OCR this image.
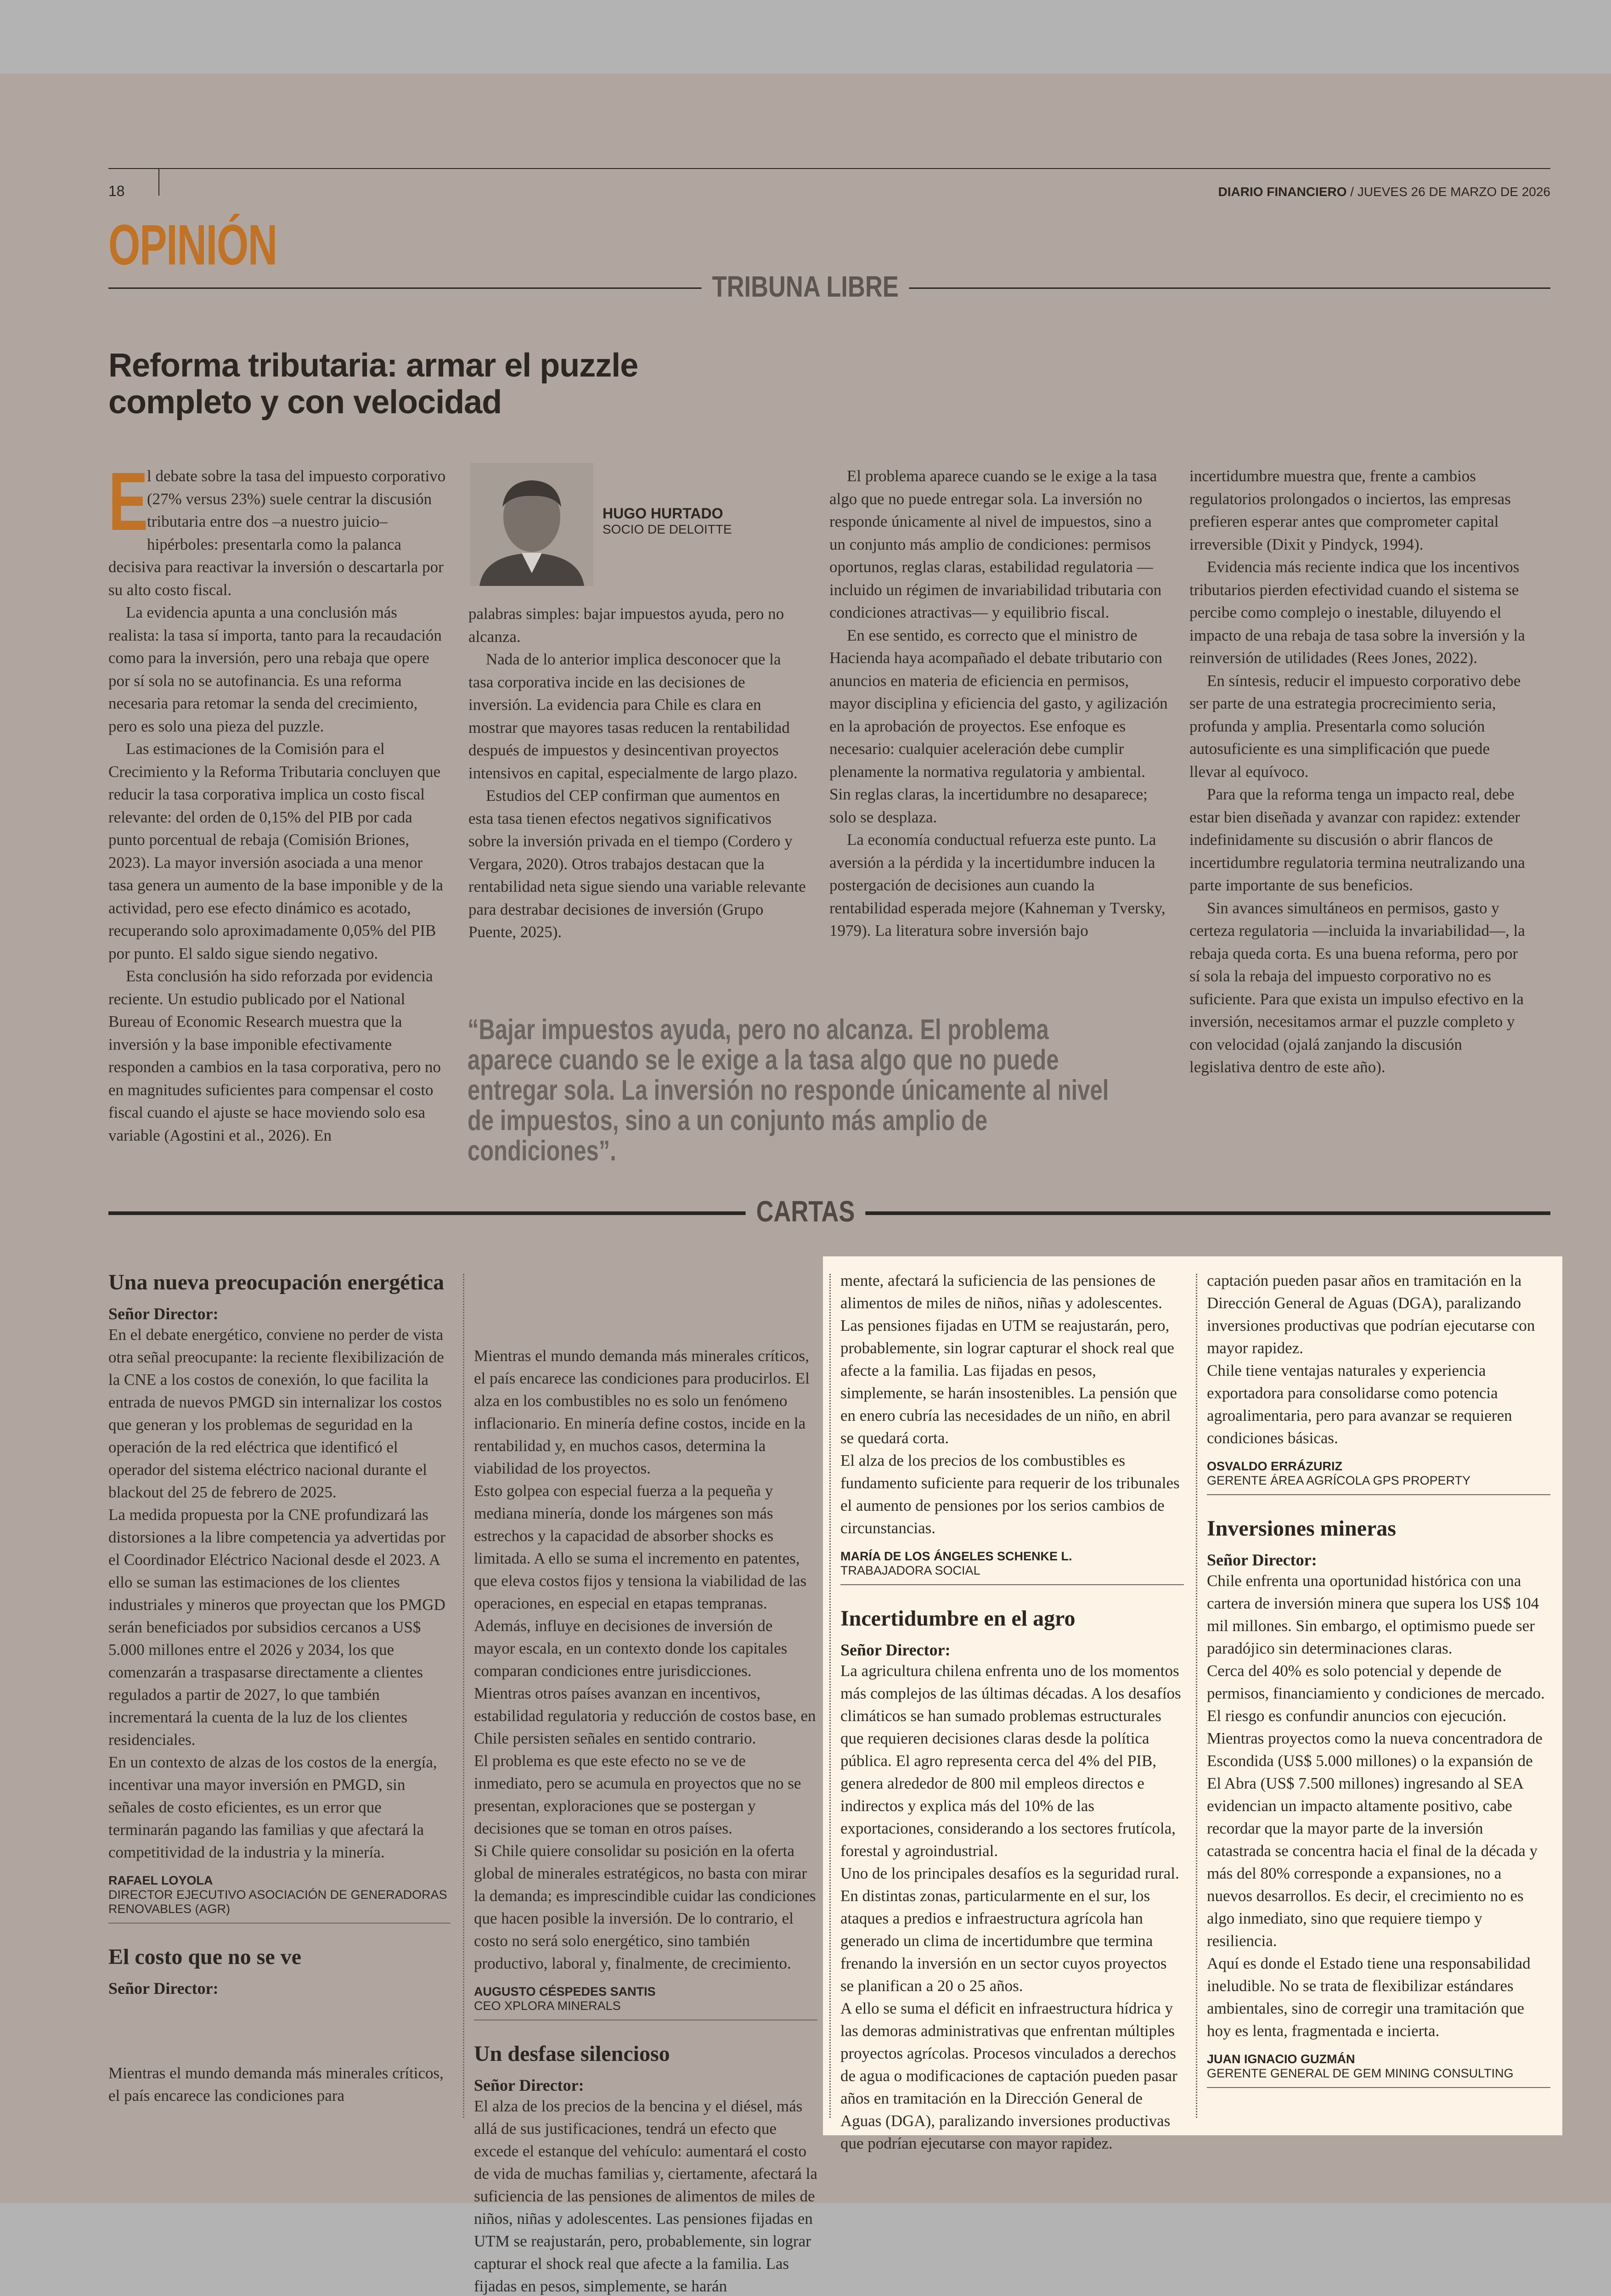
18	DIARIO FINANCIERO / JUEVES 26 DE MARZO DE 2026
OPINIÓN
TRIBUNA LIBRE
Reforma tributaria: armar el puzzle
completo y con velocidad

E
l debate sobre la tasa del impuesto corporativo (27% versus 23%) suele centrar la discusión tributaria entre dos –a nuestro juicio– hipérboles: presentarla como la palanca decisiva para reactivar la inversión o descartarla por su alto costo fiscal.

La evidencia apunta a una conclusión más realista: la tasa sí importa, tanto para la recaudación como para la inversión, pero una rebaja que opere por sí sola no se autofinancia. Es una reforma necesaria para retomar la senda del crecimiento, pero es solo una pieza del puzzle.

Las estimaciones de la Comisión para el Crecimiento y la Reforma Tributaria concluyen que reducir la tasa corporativa implica un costo fiscal relevante: del orden de 0,15% del PIB por cada punto porcentual de rebaja (Comisión Briones, 2023). La mayor inversión asociada a una menor tasa genera un aumento de la base imponible y de la actividad, pero ese efecto dinámico es acotado, recuperando solo aproximadamente 0,05% del PIB por punto. El saldo sigue siendo negativo.

Esta conclusión ha sido reforzada por evidencia reciente. Un estudio publicado por el National Bureau of Economic Research muestra que la inversión y la base imponible efectivamente responden a cambios en la tasa corporativa, pero no en magnitudes suficientes para compensar el costo fiscal cuando el ajuste se hace moviendo solo esa variable (Agostini et al., 2026). En

HUGO HURTADO
SOCIO DE DELOITTE

palabras simples: bajar impuestos ayuda, pero no alcanza.

Nada de lo anterior implica desconocer que la tasa corporativa incide en las decisiones de inversión. La evidencia para Chile es clara en mostrar que mayores tasas reducen la rentabilidad después de impuestos y desincentivan proyectos intensivos en capital, especialmente de largo plazo.

Estudios del CEP confirman que aumentos en esta tasa tienen efectos negativos significativos sobre la inversión privada en el tiempo (Cordero y Vergara, 2020). Otros trabajos destacan que la rentabilidad neta sigue siendo una variable relevante para destrabar decisiones de inversión (Grupo Puente, 2025).

El problema aparece cuando se le exige a la tasa algo que no puede entregar sola. La inversión no responde únicamente al nivel de impuestos, sino a un conjunto más amplio de condiciones: permisos oportunos, reglas claras, estabilidad regulatoria —incluido un régimen de invariabilidad tributaria con condiciones atractivas— y equilibrio fiscal.

En ese sentido, es correcto que el ministro de Hacienda haya acompañado el debate tributario con anuncios en materia de eficiencia en permisos, mayor disciplina y eficiencia del gasto, y agilización en la aprobación de proyectos. Ese enfoque es necesario: cualquier aceleración debe cumplir plenamente la normativa regulatoria y ambiental. Sin reglas claras, la incertidumbre no desaparece; solo se desplaza.

La economía conductual refuerza este punto. La aversión a la pérdida y la incertidumbre inducen la postergación de decisiones aun cuando la rentabilidad esperada mejore (Kahneman y Tversky, 1979). La literatura sobre inversión bajo

incertidumbre muestra que, frente a cambios regulatorios prolongados o inciertos, las empresas prefieren esperar antes que comprometer capital irreversible (Dixit y Pindyck, 1994).

Evidencia más reciente indica que los incentivos tributarios pierden efectividad cuando el sistema se percibe como complejo o inestable, diluyendo el impacto de una rebaja de tasa sobre la inversión y la reinversión de utilidades (Rees Jones, 2022).

En síntesis, reducir el impuesto corporativo debe ser parte de una estrategia procrecimiento seria, profunda y amplia. Presentarla como solución autosuficiente es una simplificación que puede llevar al equívoco.

Para que la reforma tenga un impacto real, debe estar bien diseñada y avanzar con rapidez: extender indefinidamente su discusión o abrir flancos de incertidumbre regulatoria termina neutralizando una parte importante de sus beneficios.

Sin avances simultáneos en permisos, gasto y certeza regulatoria —incluida la invariabilidad—, la rebaja queda corta. Es una buena reforma, pero por sí sola la rebaja del impuesto corporativo no es suficiente. Para que exista un impulso efectivo en la inversión, necesitamos armar el puzzle completo y con velocidad (ojalá zanjando la discusión legislativa dentro de este año).

“Bajar impuestos ayuda, pero no alcanza. El problema aparece cuando se le exige a la tasa algo que no puede entregar sola. La inversión no responde únicamente al nivel de impuestos, sino a un conjunto más amplio de condiciones”.
CARTAS
Una nueva preocupación energética
Señor Director:

En el debate energético, conviene no perder de vista otra señal preocupante: la reciente flexibilización de la CNE a los costos de conexión, lo que facilita la entrada de nuevos PMGD sin internalizar los costos que generan y los problemas de seguridad en la operación de la red eléctrica que identificó el operador del sistema eléctrico nacional durante el blackout del 25 de febrero de 2025.

La medida propuesta por la CNE profundizará las distorsiones a la libre competencia ya advertidas por el Coordinador Eléctrico Nacional desde el 2023. A ello se suman las estimaciones de los clientes industriales y mineros que proyectan que los PMGD serán beneficiados por subsidios cercanos a US$ 5.000 millones entre el 2026 y 2034, los que comenzarán a traspasarse directamente a clientes regulados a partir de 2027, lo que también incrementará la cuenta de la luz de los clientes residenciales.

En un contexto de alzas de los costos de la energía, incentivar una mayor inversión en PMGD, sin señales de costo eficientes, es un error que terminarán pagando las familias y que afectará la competitividad de la industria y la minería.

RAFAEL LOYOLA
DIRECTOR EJECUTIVO ASOCIACIÓN DE GENERADORAS RENOVABLES (AGR)
El costo que no se ve
Señor Director:

Mientras el mundo demanda más minerales críticos, el país encarece las condiciones para

Mientras el mundo demanda más minerales críticos, el país encarece las condiciones para producirlos. El alza en los combustibles no es solo un fenómeno inflacionario. En minería define costos, incide en la rentabilidad y, en muchos casos, determina la viabilidad de los proyectos.

Esto golpea con especial fuerza a la pequeña y mediana minería, donde los márgenes son más estrechos y la capacidad de absorber shocks es limitada. A ello se suma el incremento en patentes, que eleva costos fijos y tensiona la viabilidad de las operaciones, en especial en etapas tempranas. Además, influye en decisiones de inversión de mayor escala, en un contexto donde los capitales comparan condiciones entre jurisdicciones.

Mientras otros países avanzan en incentivos, estabilidad regulatoria y reducción de costos base, en Chile persisten señales en sentido contrario.

El problema es que este efecto no se ve de inmediato, pero se acumula en proyectos que no se presentan, exploraciones que se postergan y decisiones que se toman en otros países.

Si Chile quiere consolidar su posición en la oferta global de minerales estratégicos, no basta con mirar la demanda; es imprescindible cuidar las condiciones que hacen posible la inversión. De lo contrario, el costo no será solo energético, sino también productivo, laboral y, finalmente, de crecimiento.

AUGUSTO CÉSPEDES SANTIS
CEO XPLORA MINERALS
Un desfase silencioso
Señor Director:

El alza de los precios de la bencina y el diésel, más allá de sus justificaciones, tendrá un efecto que excede el estanque del vehículo: aumentará el costo de vida de muchas familias y, ciertamente, afectará la suficiencia de las pensiones de alimentos de miles de niños, niñas y adolescentes. Las pensiones fijadas en UTM se reajustarán, pero, probablemente, sin lograr capturar el shock real que afecte a la familia. Las fijadas en pesos, simplemente, se harán

mente, afectará la suficiencia de las pensiones de alimentos de miles de niños, niñas y adolescentes. Las pensiones fijadas en UTM se reajustarán, pero, probablemente, sin lograr capturar el shock real que afecte a la familia. Las fijadas en pesos, simplemente, se harán insostenibles. La pensión que en enero cubría las necesidades de un niño, en abril se quedará corta.

El alza de los precios de los combustibles es fundamento suficiente para requerir de los tribunales el aumento de pensiones por los serios cambios de circunstancias.

MARÍA DE LOS ÁNGELES SCHENKE L.
TRABAJADORA SOCIAL
Incertidumbre en el agro
Señor Director:

La agricultura chilena enfrenta uno de los momentos más complejos de las últimas décadas. A los desafíos climáticos se han sumado problemas estructurales que requieren decisiones claras desde la política pública. El agro representa cerca del 4% del PIB, genera alrededor de 800 mil empleos directos e indirectos y explica más del 10% de las exportaciones, considerando a los sectores frutícola, forestal y agroindustrial.

Uno de los principales desafíos es la seguridad rural. En distintas zonas, particularmente en el sur, los ataques a predios e infraestructura agrícola han generado un clima de incertidumbre que termina frenando la inversión en un sector cuyos proyectos se planifican a 20 o 25 años.

A ello se suma el déficit en infraestructura hídrica y las demoras administrativas que enfrentan múltiples proyectos agrícolas. Procesos vinculados a derechos de agua o modificaciones de captación pueden pasar años en tramitación en la Dirección General de Aguas (DGA), paralizando inversiones productivas que podrían ejecutarse con mayor rapidez.

captación pueden pasar años en tramitación en la Dirección General de Aguas (DGA), paralizando inversiones productivas que podrían ejecutarse con mayor rapidez.

Chile tiene ventajas naturales y experiencia exportadora para consolidarse como potencia agroalimentaria, pero para avanzar se requieren condiciones básicas.

OSVALDO ERRÁZURIZ
GERENTE ÁREA AGRÍCOLA GPS PROPERTY
Inversiones mineras
Señor Director:

Chile enfrenta una oportunidad histórica con una cartera de inversión minera que supera los US$ 104 mil millones. Sin embargo, el optimismo puede ser paradójico sin determinaciones claras.

Cerca del 40% es solo potencial y depende de permisos, financiamiento y condiciones de mercado. El riesgo es confundir anuncios con ejecución.

Mientras proyectos como la nueva concentradora de Escondida (US$ 5.000 millones) o la expansión de El Abra (US$ 7.500 millones) ingresando al SEA evidencian un impacto altamente positivo, cabe recordar que la mayor parte de la inversión catastrada se concentra hacia el final de la década y más del 80% corresponde a expansiones, no a nuevos desarrollos. Es decir, el crecimiento no es algo inmediato, sino que requiere tiempo y resiliencia.

Aquí es donde el Estado tiene una responsabilidad ineludible. No se trata de flexibilizar estándares ambientales, sino de corregir una tramitación que hoy es lenta, fragmentada e incierta.

JUAN IGNACIO GUZMÁN
GERENTE GENERAL DE GEM MINING CONSULTING
